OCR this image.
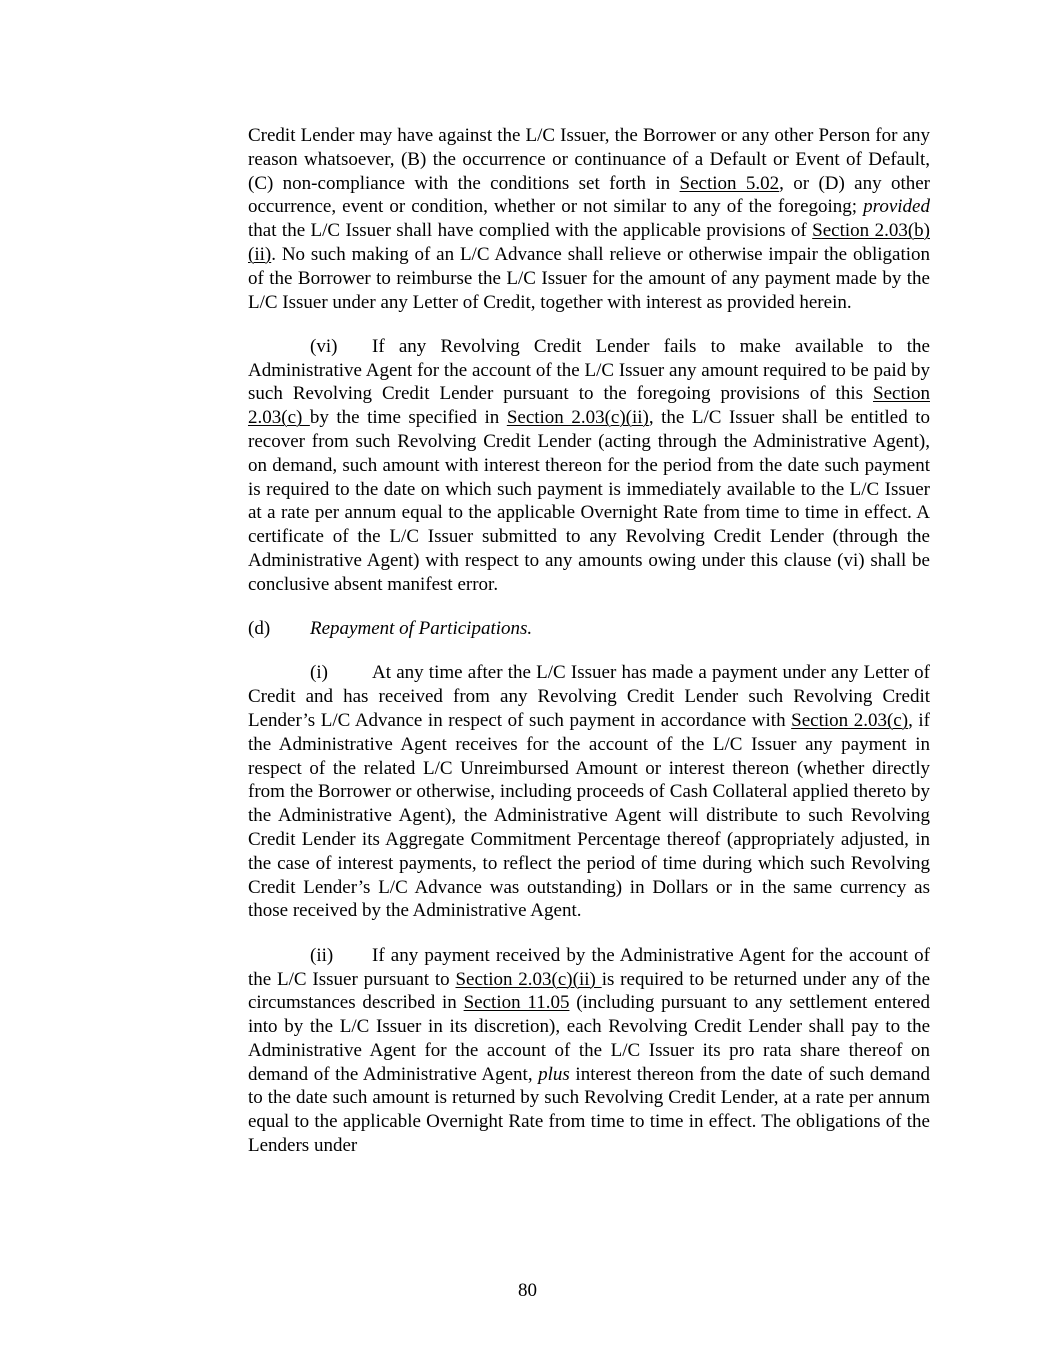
Credit Lender may have against the L/C Issuer, the Borrower or any other Person for any reason whatsoever, (B) the occurrence or continuance of a Default or Event of Default, (C) non-compliance with the conditions set forth in Section 5.02, or (D) any other occurrence, event or condition, whether or not similar to any of the foregoing; provided that the L/C Issuer shall have complied with the applicable provisions of Section 2.03(b)(ii). No such making of an L/C Advance shall relieve or otherwise impair the obligation of the Borrower to reimburse the L/C Issuer for the amount of any payment made by the L/C Issuer under any Letter of Credit, together with interest as provided herein.

(vi) If any Revolving Credit Lender fails to make available to the Administrative Agent for the account of the L/C Issuer any amount required to be paid by such Revolving Credit Lender pursuant to the foregoing provisions of this Section 2.03(c) by the time specified in Section 2.03(c)(ii), the L/C Issuer shall be entitled to recover from such Revolving Credit Lender (acting through the Administrative Agent), on demand, such amount with interest thereon for the period from the date such payment is required to the date on which such payment is immediately available to the L/C Issuer at a rate per annum equal to the applicable Overnight Rate from time to time in effect. A certificate of the L/C Issuer submitted to any Revolving Credit Lender (through the Administrative Agent) with respect to any amounts owing under this clause (vi) shall be conclusive absent manifest error.

(d) Repayment of Participations.

(i) At any time after the L/C Issuer has made a payment under any Letter of Credit and has received from any Revolving Credit Lender such Revolving Credit Lender’s L/C Advance in respect of such payment in accordance with Section 2.03(c), if the Administrative Agent receives for the account of the L/C Issuer any payment in respect of the related L/C Unreimbursed Amount or interest thereon (whether directly from the Borrower or otherwise, including proceeds of Cash Collateral applied thereto by the Administrative Agent), the Administrative Agent will distribute to such Revolving Credit Lender its Aggregate Commitment Percentage thereof (appropriately adjusted, in the case of interest payments, to reflect the period of time during which such Revolving Credit Lender’s L/C Advance was outstanding) in Dollars or in the same currency as those received by the Administrative Agent.

(ii) If any payment received by the Administrative Agent for the account of the L/C Issuer pursuant to Section 2.03(c)(ii) is required to be returned under any of the circumstances described in Section 11.05 (including pursuant to any settlement entered into by the L/C Issuer in its discretion), each Revolving Credit Lender shall pay to the Administrative Agent for the account of the L/C Issuer its pro rata share thereof on demand of the Administrative Agent, plus interest thereon from the date of such demand to the date such amount is returned by such Revolving Credit Lender, at a rate per annum equal to the applicable Overnight Rate from time to time in effect. The obligations of the Lenders under

80
